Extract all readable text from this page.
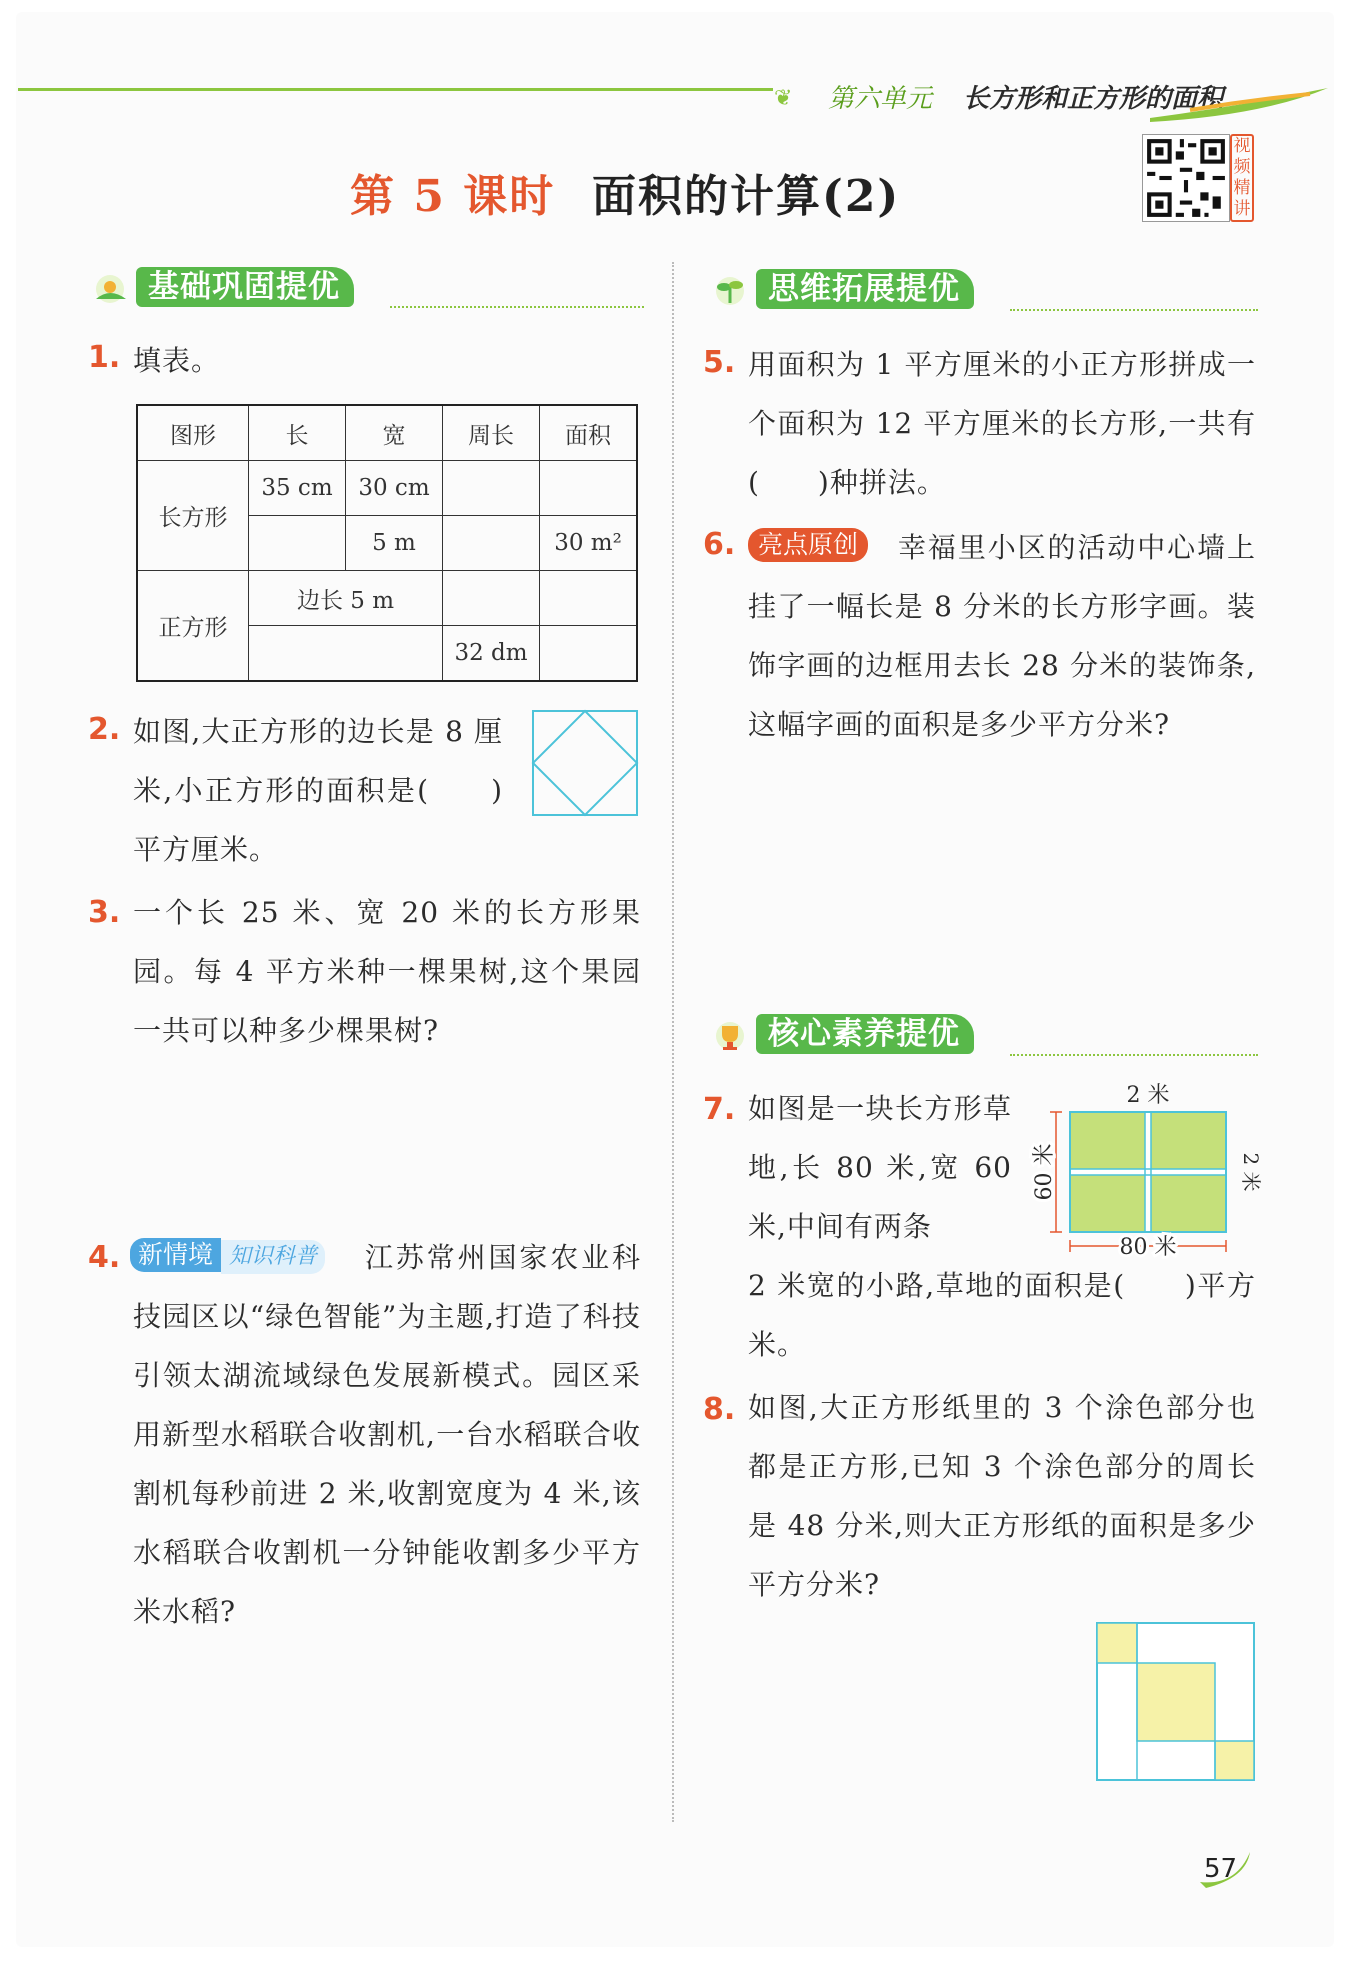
❦ 第六单元 长方形和正方形的面积
第 5 课时 面积的计算(2)
视
频
精
讲
基础巩固提优	思维拓展提优
核心素养提优
1. 填表。
图形	长	宽	周长	面积
长方形	35 cm	30 cm		
		5 m		30 m²
正方形	边长 5 m			
			32 dm	
2. 如图,大正方形的边长是 8 厘米,小正方形的面积是(　　)平方厘米。
3. 一个长 25 米、宽 20 米的长方形果园。每 4 平方米种一棵果树,这个果园一共可以种多少棵果树?
4. 新情境 知识科普	江苏常州国家农业科技园区以“绿色智能”为主题,打造了科技引领太湖流域绿色发展新模式。园区采用新型水稻联合收割机,一台水稻联合收割机每秒前进 2 米,收割宽度为 4 米,该水稻联合收割机一分钟能收割多少平方米水稻?
5. 用面积为 1 平方厘米的小正方形拼成一个面积为 12 平方厘米的长方形,一共有(　　)种拼法。
6. 亮点原创	幸福里小区的活动中心墙上挂了一幅长是 8 分米的长方形字画。装饰字画的边框用去长 28 分米的装饰条,这幅字画的面积是多少平方分米?
7. 如图是一块长方形草地,长 80 米,宽 60 米,中间有两条
2 米宽的小路,草地的面积是(　　)平方米。
2 米
80 米
60 米	2 米
8. 如图,大正方形纸里的 3 个涂色部分也都是正方形,已知 3 个涂色部分的周长是 48 分米,则大正方形纸的面积是多少平方分米?
57
